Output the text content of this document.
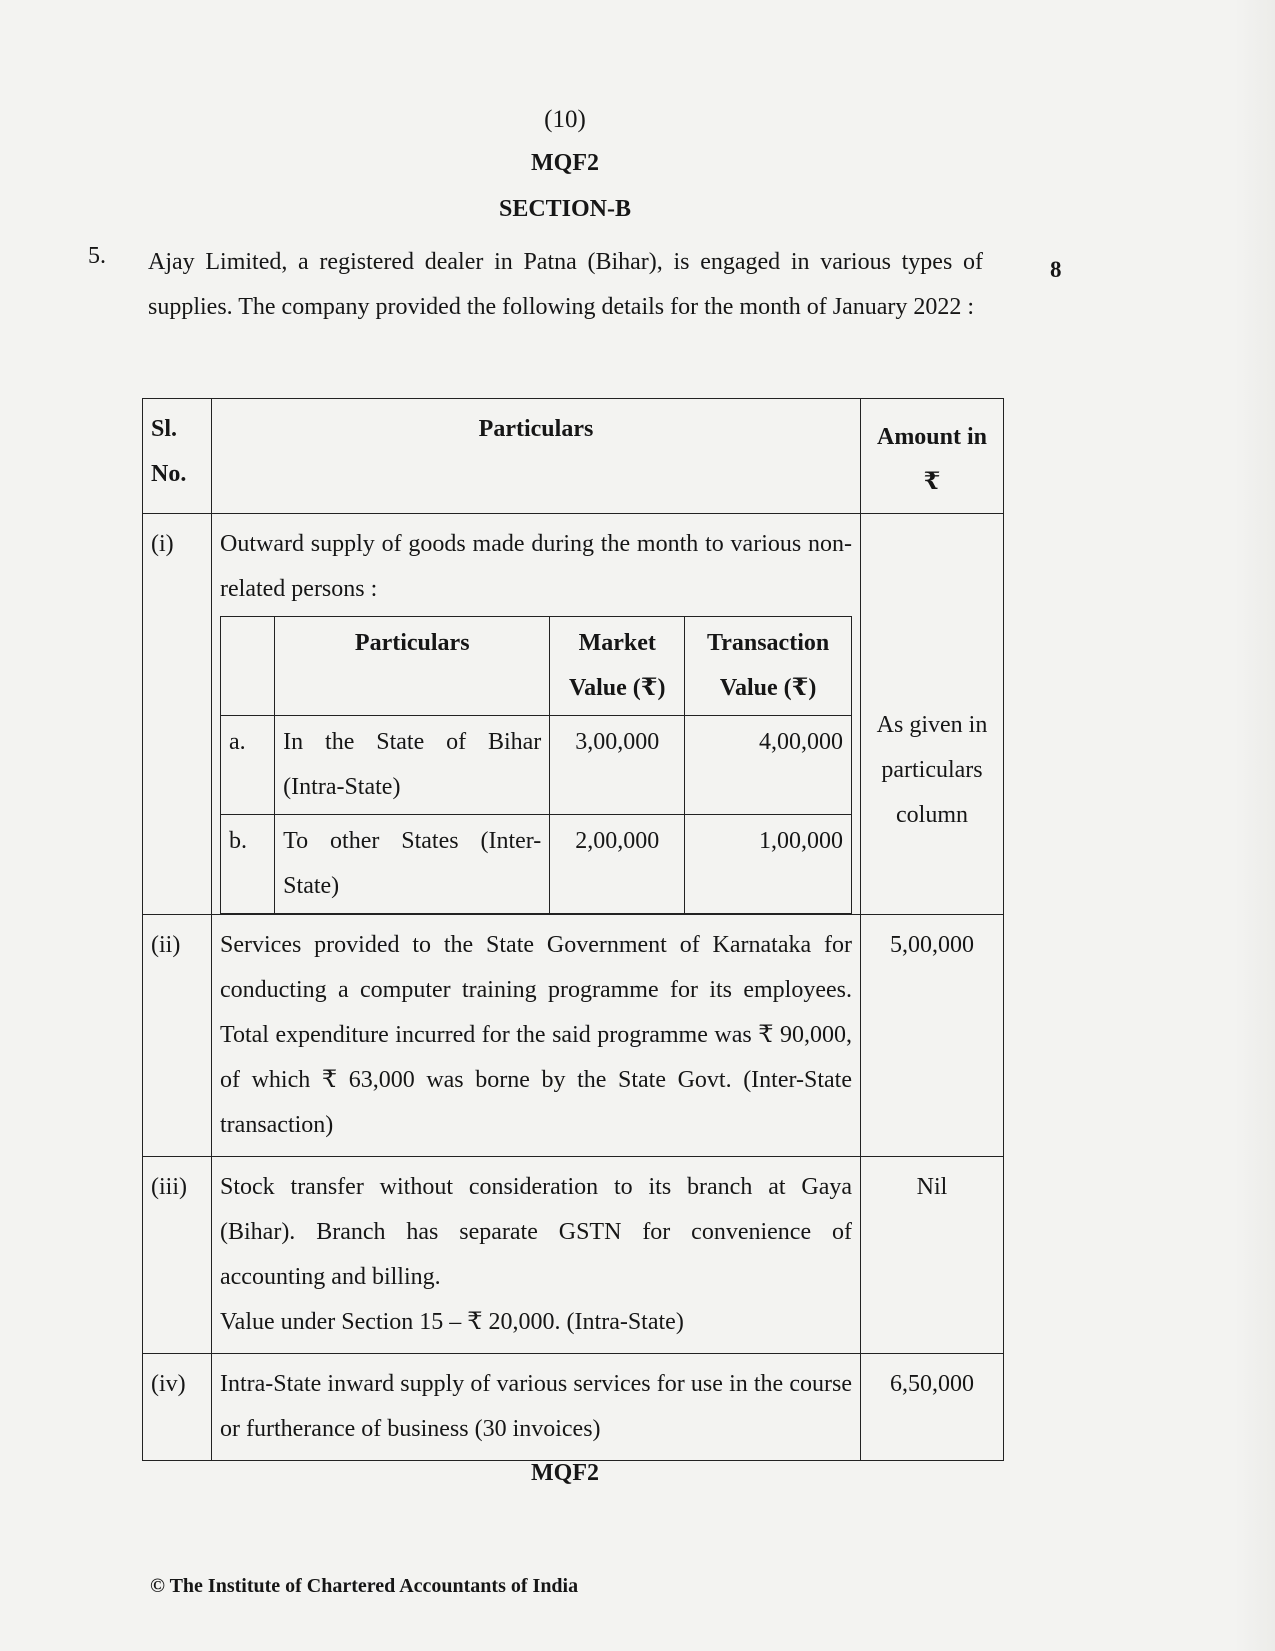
(10)
MQF2
SECTION-B
5. Ajay Limited, a registered dealer in Patna (Bihar), is engaged in various types of supplies. The company provided the following details for the month of January 2022 :
8
Sl. No.	Particulars	Amount in ₹
(i)	Outward supply of goods made during the month to various non-related persons :
	Particulars	Market Value (₹)	Transaction Value (₹)
a.	In the State of Bihar (Intra-State)	3,00,000	4,00,000
b.	To other States (Inter-State)	2,00,000	1,00,000
	As given in particulars column
(ii)	Services provided to the State Government of Karnataka for conducting a computer training programme for its employees. Total expenditure incurred for the said programme was ₹ 90,000, of which ₹ 63,000 was borne by the State Govt. (Inter-State transaction)	5,00,000
(iii)	Stock transfer without consideration to its branch at Gaya (Bihar). Branch has separate GSTN for convenience of accounting and billing.
Value under Section 15 – ₹ 20,000. (Intra-State)
	Nil
(iv)	Intra-State inward supply of various services for use in the course or furtherance of business (30 invoices)	6,50,000
MQF2
© The Institute of Chartered Accountants of India
